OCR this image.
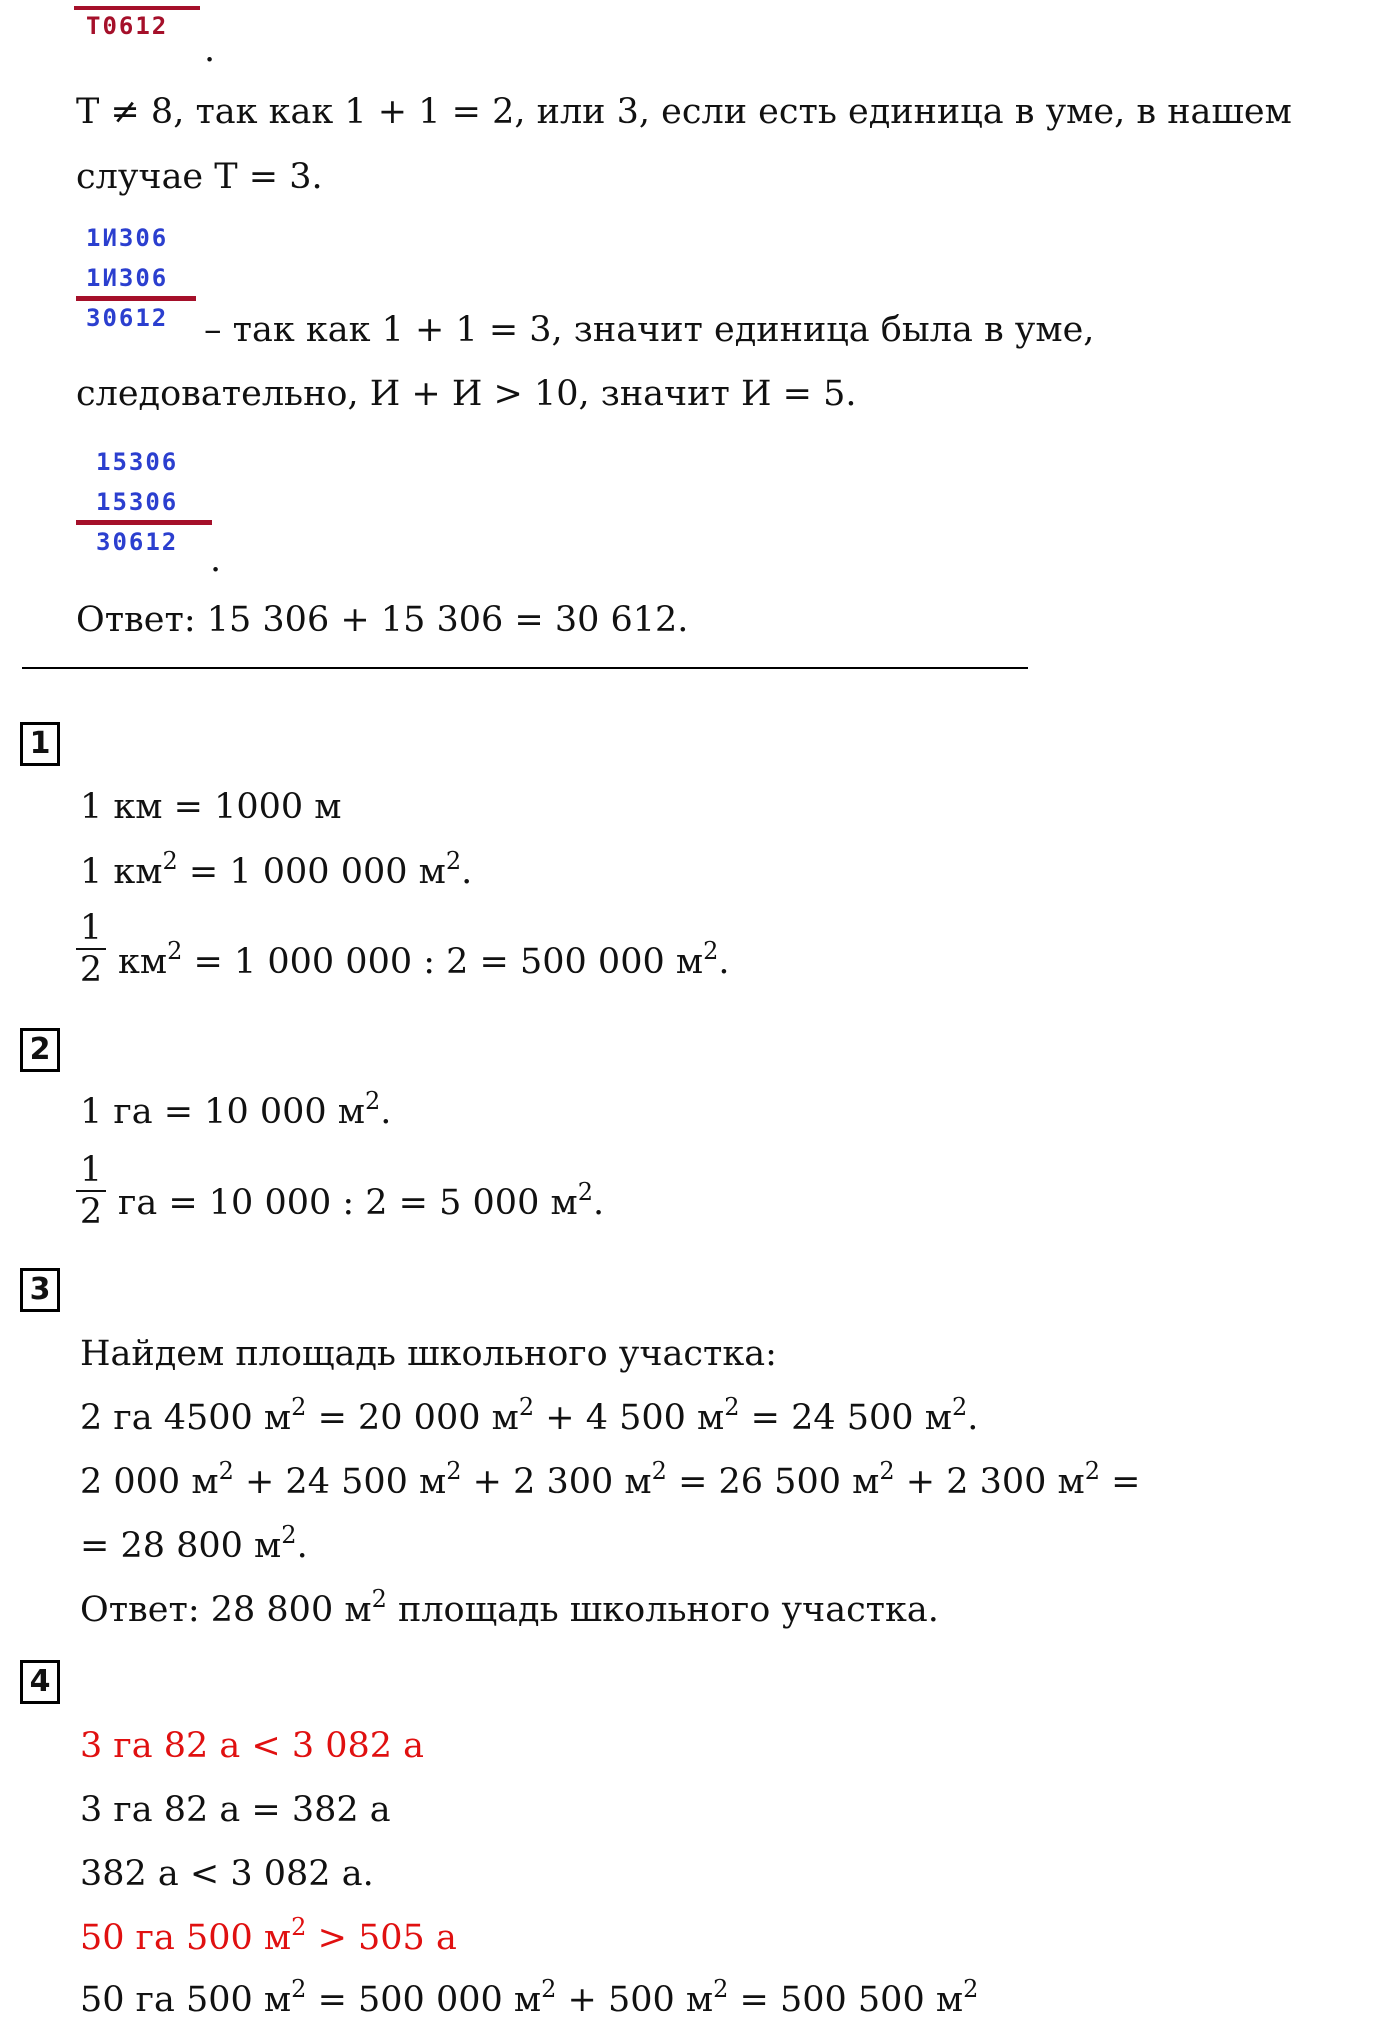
T0612
.
T ≠ 8, так как 1 + 1 = 2, или 3, если есть единица в уме, в нашем
случае T = 3.
1И306
1И306
30612 – так как 1 + 1 = 3, значит единица была в уме,
следовательно, И + И > 10, значит И = 5.
15306
15306
30612 .
Ответ: 15 306 + 15 306 = 30 612.
1
1 км = 1000 м
1 $км^2 = 1$ 000 000 $м^2$.
$\frac{1}{2} км^2 = 1$ 000 000 : 2 = 500 000 $м^2$.
2
1 га = 10 000 $м^2$.
$\frac{1}{2}$ га = 10 000 : 2 = 5 000 $м^2$.
3
Найдем площадь школьного участка:
2 га 4500 $м^2 = 20$ 000 $м^2 + 4$ 500 $м^2 = 24$ 500 $м^2$.
2 000 $м^2 + 24$ 500 $м^2 + 2$ 300 $м^2 = 26$ 500 $м^2 + 2$ 300 $м^2$ =
= 28 800 $м^2$.
Ответ: 28 800 $м^2$ площадь школьного участка.
4
3 га 82 а < 3 082 а
3 га 82 а = 382 а
382 а < 3 082 а.
50 га 500 $м^2 > 505$ а
50 га 500 $м^2 = 500$ 000 $м^2 + 500$ $м^2 = 500$ 500 $м^2$
